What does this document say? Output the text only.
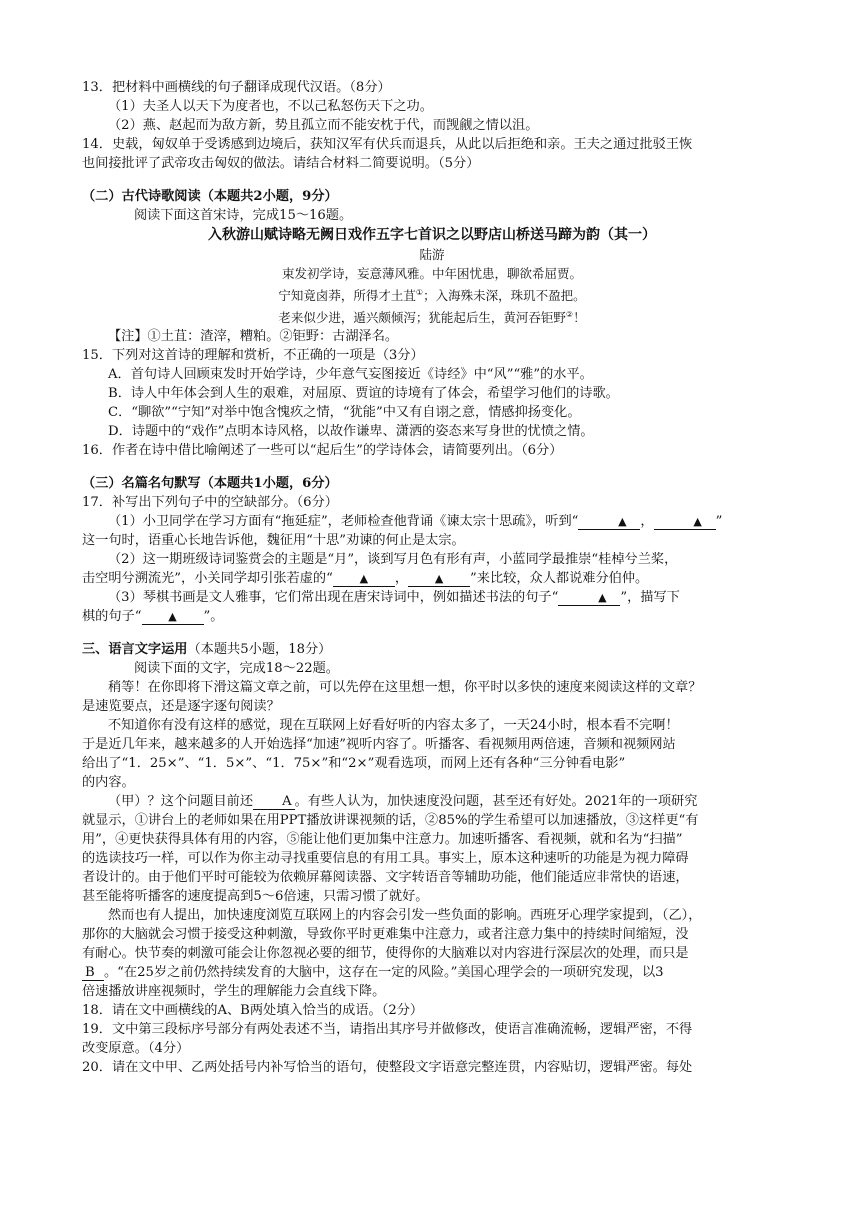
13．把材料中画横线的句子翻译成现代汉语。（8分）
（1）夫圣人以天下为度者也，不以己私怒伤天下之功。
（2）燕、赵起而为敌方新，势且孤立而不能安枕于代，而觊觎之情以沮。
14．史载，匈奴单于受诱感到边境后，获知汉军有伏兵而退兵，从此以后拒绝和亲。王夫之通过批驳王恢
也间接批评了武帝攻击匈奴的做法。请结合材料二简要说明。（5分）
（二）古代诗歌阅读（本题共2小题，9分）
阅读下面这首宋诗，完成15～16题。
入秋游山赋诗略无阙日戏作五字七首识之以野店山桥送马蹄为韵（其一）
陆游
束发初学诗，妄意薄风雅。中年困忧患，聊欲希屈贾。
宁知竟卤莽，所得才土苴①；入海殊未深，珠玑不盈把。
老来似少进，遁兴颇倾泻；犹能起后生，黄河吞钜野②！
【注】①土苴：渣滓，糟粕。②钜野：古湖泽名。
15．下列对这首诗的理解和赏析，不正确的一项是（3分）
A．首句诗人回顾束发时开始学诗，少年意气妄图接近《诗经》中“风”“雅”的水平。
B．诗人中年体会到人生的艰难，对屈原、贾谊的诗境有了体会，希望学习他们的诗歌。
C．“聊欲”“宁知”对举中饱含愧疚之情，“犹能”中又有自诩之意，情感抑扬变化。
D．诗题中的“戏作”点明本诗风格，以故作谦卑、潇洒的姿态来写身世的忧愤之情。
16．作者在诗中借比喻阐述了一些可以“起后生”的学诗体会，请简要列出。（6分）
（三）名篇名句默写（本题共1小题，6分）
17．补写出下列句子中的空缺部分。（6分）
（1）小卫同学在学习方面有“拖延症”，老师检查他背诵《谏太宗十思疏》，听到“	▲ ，	▲ ”
这一句时，语重心长地告诉他，魏征用“十思”劝谏的何止是太宗。
（2）这一期班级诗词鉴赏会的主题是“月”，谈到写月色有形有声，小蓝同学最推崇“桂棹兮兰桨，
击空明兮溯流光”，小关同学却引张若虚的“ ▲ ， ▲ ”来比较，众人都说难分伯仲。
（3）琴棋书画是文人雅事，它们常出现在唐宋诗词中，例如描述书法的句子“	▲ ”，描写下
棋的句子“ ▲ ”。
三、语言文字运用（本题共5小题，18分）
阅读下面的文字，完成18～22题。
稍等！在你即将下滑这篇文章之前，可以先停在这里想一想，你平时以多快的速度来阅读这样的文章？
是速览要点，还是逐字逐句阅读？
不知道你有没有这样的感觉，现在互联网上好看好听的内容太多了，一天24小时，根本看不完啊！
于是近几年来，越来越多的人开始选择“加速”视听内容了。听播客、看视频用两倍速，音频和视频网站
给出了“1．25×”、“1．5×”、“1．75×”和“2×”观看选项，而网上还有各种“三分钟看电影”
的内容。
（甲）？这个问题目前还 A 。有些人认为，加快速度没问题，甚至还有好处。2021年的一项研究
就显示，①讲台上的老师如果在用PPT播放讲课视频的话，②85%的学生希望可以加速播放，③这样更“有
用”，④更快获得具体有用的内容，⑤能让他们更加集中注意力。加速听播客、看视频，就和名为“扫描”
的选读技巧一样，可以作为你主动寻找重要信息的有用工具。事实上，原本这种速听的功能是为视力障碍
者设计的。由于他们平时可能较为依赖屏幕阅读器、文字转语音等辅助功能，他们能适应非常快的语速，
甚至能将听播客的速度提高到5～6倍速，只需习惯了就好。
然而也有人提出，加快速度浏览互联网上的内容会引发一些负面的影响。西班牙心理学家提到，（乙），
那你的大脑就会习惯于接受这种刺激，导致你平时更难集中注意力，或者注意力集中的持续时间缩短，没
有耐心。快节奏的刺激可能会让你忽视必要的细节，使得你的大脑难以对内容进行深层次的处理，而只是
B 。“在25岁之前仍然持续发育的大脑中，这存在一定的风险。”美国心理学会的一项研究发现，以3
倍速播放讲座视频时，学生的理解能力会直线下降。
18．请在文中画横线的A、B两处填入恰当的成语。（2分）
19．文中第三段标序号部分有两处表述不当，请指出其序号并做修改，使语言准确流畅，逻辑严密，不得
改变原意。（4分）
20．请在文中甲、乙两处括号内补写恰当的语句，使整段文字语意完整连贯，内容贴切，逻辑严密。每处
